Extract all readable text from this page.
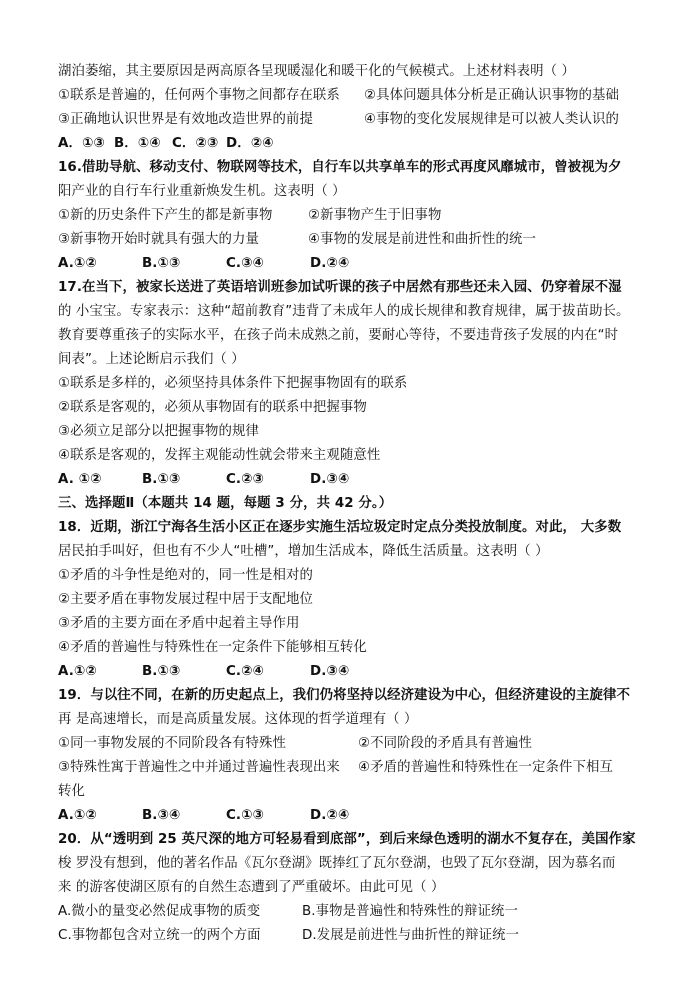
湖泊萎缩，其主要原因是两高原各呈现暖湿化和暖干化的气候模式。上述材料表明（ ）
①联系是普遍的，任何两个事物之间都存在联系 ②具体问题具体分析是正确认识事物的基础
③正确地认识世界是有效地改造世界的前提	④事物的变化发展规律是可以被人类认识的
A．①③ B．①④ C．②③ D．②④
16.借助导航、移动支付、物联网等技术，自行车以共享单车的形式再度风靡城市，曾被视为夕
阳产业的自行车行业重新焕发生机。这表明（ ）
①新的历史条件下产生的都是新事物	②新事物产生于旧事物
③新事物开始时就具有强大的力量	④事物的发展是前进性和曲折性的统一
A.①②	B.①③	C.③④	D.②④
17.在当下，被家长送进了英语培训班参加试听课的孩子中居然有那些还未入园、仍穿着尿不湿
的 小宝宝。专家表示：这种“超前教育”违背了未成年人的成长规律和教育规律，属于拔苗助长。
教育要尊重孩子的实际水平，在孩子尚未成熟之前，要耐心等待，不要违背孩子发展的内在“时
间表”。上述论断启示我们（ ）
①联系是多样的，必须坚持具体条件下把握事物固有的联系
②联系是客观的，必须从事物固有的联系中把握事物
③必须立足部分以把握事物的规律
④联系是客观的，发挥主观能动性就会带来主观随意性
A. ①②	B.①③	C.②③	D.③④
三、选择题Ⅱ（本题共 14 题，每题 3 分，共 42 分。）
18．近期，浙江宁海各生活小区正在逐步实施生活垃圾定时定点分类投放制度。对此， 大多数
居民拍手叫好，但也有不少人“吐槽”，增加生活成本，降低生活质量。这表明（ ）
①矛盾的斗争性是绝对的，同一性是相对的
②主要矛盾在事物发展过程中居于支配地位
③矛盾的主要方面在矛盾中起着主导作用
④矛盾的普遍性与特殊性在一定条件下能够相互转化
A.①②	B.①③	C.②④	D.③④
19．与以往不同，在新的历史起点上，我们仍将坚持以经济建设为中心，但经济建设的主旋律不
再 是高速增长，而是高质量发展。这体现的哲学道理有（ ）
①同一事物发展的不同阶段各有特殊性	②不同阶段的矛盾具有普遍性
③特殊性寓于普遍性之中并通过普遍性表现出来 ④矛盾的普遍性和特殊性在一定条件下相互
转化
A.①②	B.③④	C.①③	D.②④
20．从“透明到 25 英尺深的地方可轻易看到底部”，到后来绿色透明的湖水不复存在，美国作家
梭 罗没有想到，他的著名作品《瓦尔登湖》既捧红了瓦尔登湖，也毁了瓦尔登湖，因为慕名而
来 的游客使湖区原有的自然生态遭到了严重破坏。由此可见（ ）
A.微小的量变必然促成事物的质变	B.事物是普遍性和特殊性的辩证统一
C.事物都包含对立统一的两个方面	D.发展是前进性与曲折性的辩证统一
